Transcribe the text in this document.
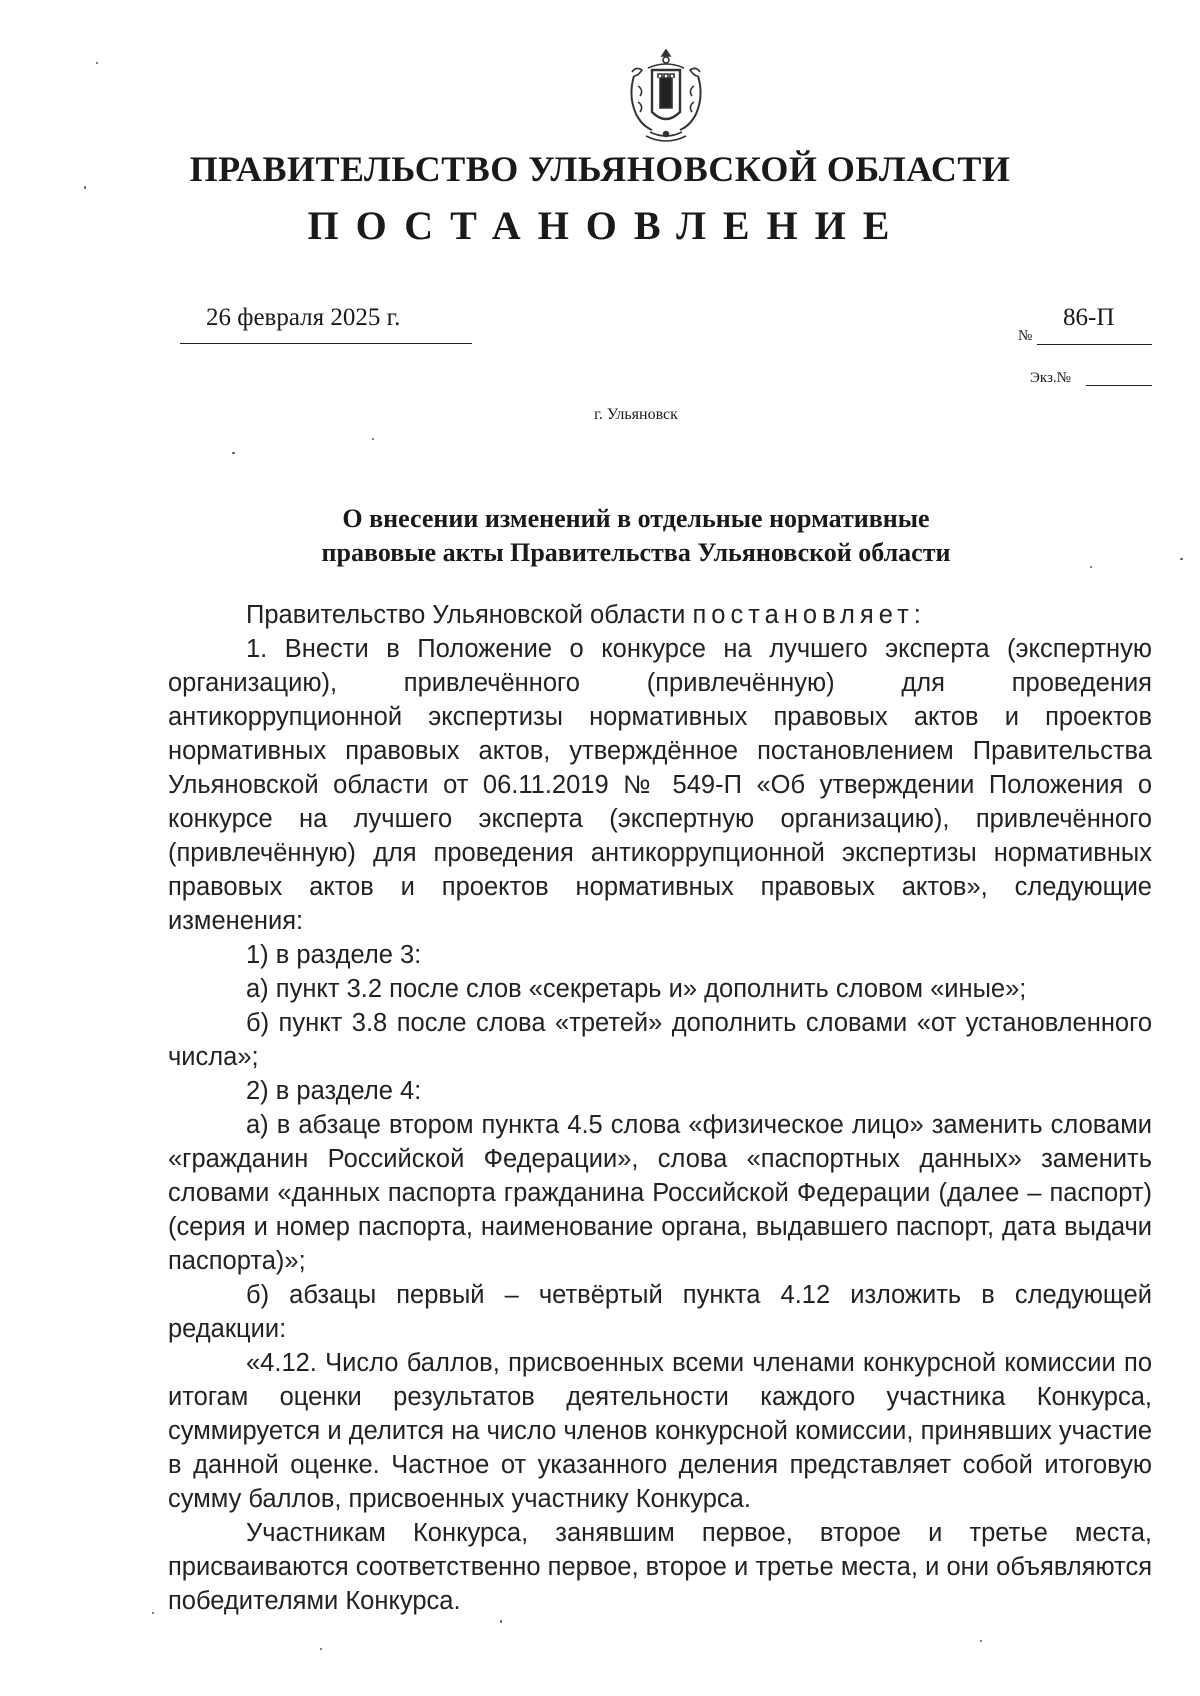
ПРАВИТЕЛЬСТВО УЛЬЯНОВСКОЙ ОБЛАСТИ
ПОСТАНОВЛЕНИЕ
26 февраля 2025 г.
№
86-П
Экз.№
г. Ульяновск
О внесении изменений в отдельные нормативные
правовые акты Правительства Ульяновской области

Правительство Ульяновской области постановляет:

1. Внести в Положение о конкурсе на лучшего эксперта (экспертную организацию), привлечённого (привлечённую) для проведения антикоррупционной экспертизы нормативных правовых актов и проектов нормативных правовых актов, утверждённое постановлением Правительства Ульяновской области от 06.11.2019 № 549-П «Об утверждении Положения о конкурсе на лучшего эксперта (экспертную организацию), привлечённого (привлечённую) для проведения антикоррупционной экспертизы нормативных правовых актов и проектов нормативных правовых актов», следующие изменения:

1) в разделе 3:

а) пункт 3.2 после слов «секретарь и» дополнить словом «иные»;

б) пункт 3.8 после слова «третей» дополнить словами «от установленного числа»;

2) в разделе 4:

а) в абзаце втором пункта 4.5 слова «физическое лицо» заменить словами «гражданин Российской Федерации», слова «паспортных данных» заменить словами «данных паспорта гражданина Российской Федерации (далее – паспорт) (серия и номер паспорта, наименование органа, выдавшего паспорт, дата выдачи паспорта)»;

б) абзацы первый – четвёртый пункта 4.12 изложить в следующей редакции:

«4.12. Число баллов, присвоенных всеми членами конкурсной комиссии по итогам оценки результатов деятельности каждого участника Конкурса, суммируется и делится на число членов конкурсной комиссии, принявших участие в данной оценке. Частное от указанного деления представляет собой итоговую сумму баллов, присвоенных участнику Конкурса.

Участникам Конкурса, занявшим первое, второе и третье места, присваиваются соответственно первое, второе и третье места, и они объявляются победителями Конкурса.
